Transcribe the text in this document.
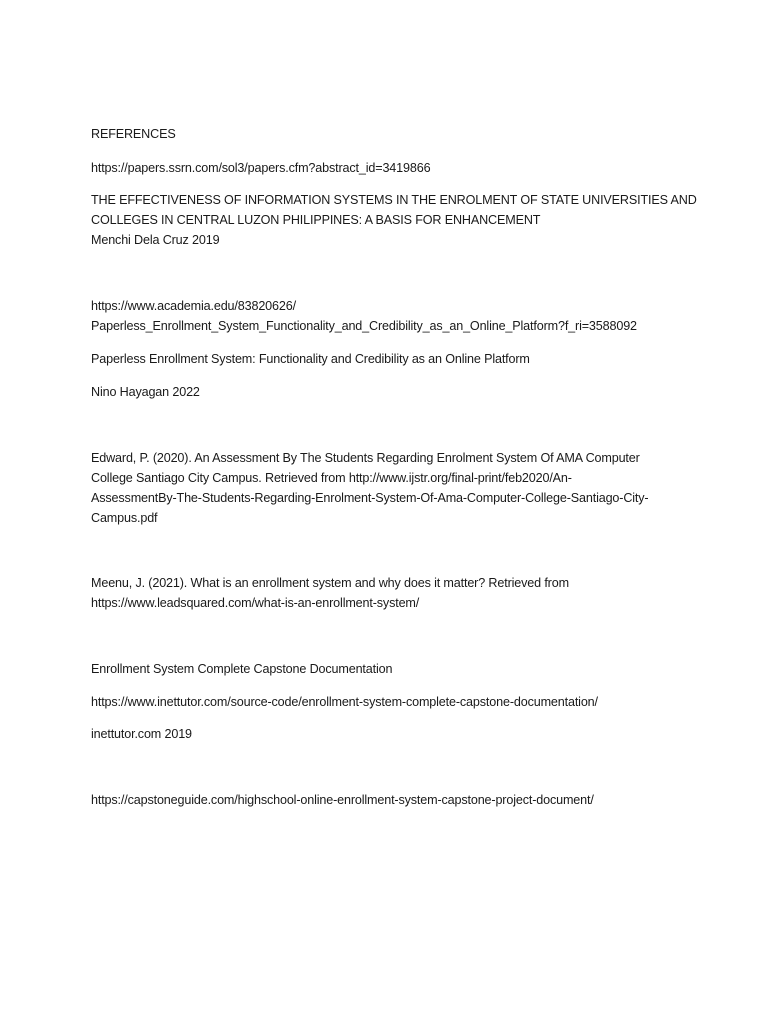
REFERENCES

https://papers.ssrn.com/sol3/papers.cfm?abstract_id=3419866

THE EFFECTIVENESS OF INFORMATION SYSTEMS IN THE ENROLMENT OF STATE UNIVERSITIES AND

COLLEGES IN CENTRAL LUZON PHILIPPINES: A BASIS FOR ENHANCEMENT

Menchi Dela Cruz 2019

https://www.academia.edu/83820626/

Paperless_Enrollment_System_Functionality_and_Credibility_as_an_Online_Platform?f_ri=3588092

Paperless Enrollment System: Functionality and Credibility as an Online Platform

Nino Hayagan 2022

Edward, P. (2020). An Assessment By The Students Regarding Enrolment System Of AMA Computer

College Santiago City Campus. Retrieved from http://www.ijstr.org/final-print/feb2020/An-

AssessmentBy-The-Students-Regarding-Enrolment-System-Of-Ama-Computer-College-Santiago-City-

Campus.pdf

Meenu, J. (2021). What is an enrollment system and why does it matter? Retrieved from

https://www.leadsquared.com/what-is-an-enrollment-system/

Enrollment System Complete Capstone Documentation

https://www.inettutor.com/source-code/enrollment-system-complete-capstone-documentation/

inettutor.com 2019

https://capstoneguide.com/highschool-online-enrollment-system-capstone-project-document/
